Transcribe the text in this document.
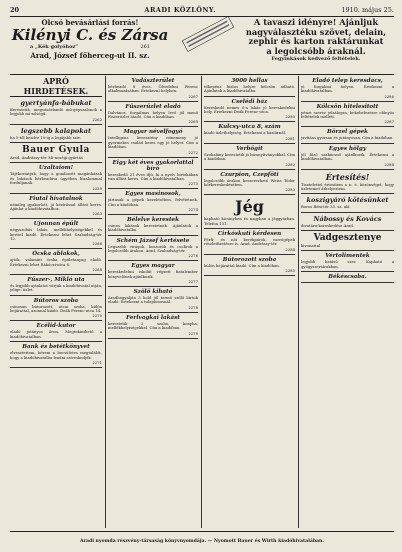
20	ARADI KÖZLÖNY.	1910. május 25.
Olcsó bevásárlási forrás!
Kilényi C. és Zársa
a „Kék golyóhoz”	261
Arad, József főherceg-ut II. sz.
A tavaszi idényre! Ajánljuk
nagyválasztéku szövet, delain,
zephir és karton raktárunkat
a legolcsóbb áraknál.
Fegyinkások kedvező feltételek.
APRÓ HIRDETÉSEK.
gyertyánfa-bábukat
Kerestetik, megvásárlandó mű-gépszalonok a legjobb mi-nőségű.
2262
legszebb kalapokat
ha 5-től kezdve 10-ig a legújabb sziv.
Bauer Gyula
Arad, Andrássy-tér. Mi-noségi gyártás
Uzaltaiom!
Tájékoztatjuk, hogy a gondozott magánházak és lakások bérbeadása ügyében bizalommal forduljanak.
2259
Fiutal hivatalnok
némileg gyakorlott, jó kézírással állást keres. Ajánlat a kiadóhivatalhoz.
2263
Ujonnan épült
négyszobás lakás, mellékhelyiségekkel és kerttel kiadó. Értekezni lehet Szabadság-tér 12.
2266
Ócska ablakok,
ajtók, valamint ócska épületanyag eladó. Értekezni lehet Rákóczi-utca 8.
2268
Fűszer-, Mikló uta
és legjobb ajánlatot várjuk a kiadóhivatal utján, jelige: üzlet.
Bútoros szoba
csinosan bútorozott, utcai szoba, külön bejárattal, azonnal kiadó. Deák Ferenc-utca 14.
2270
Ecélid-kutor
eladó jutányos áron. Megtekinthető a kiadóhivatalban.
Bank és betétkönyvet
elvesztettem, kérem a becsületes megtalálót, hogy a kiadóhivatalba leadni szíveskedjék.
2271
Vadászterület
bérbeadó 8 éves. Ölvedelmi Ferenc alkalmazásában. Értekezni helyben.
2267
Fűszerüzlet eladó
Dalvános, forgalmas helyen levő jól menő fűszerüzlet átadó. Cím a kiadóban.
2269
Magyar névelfogyó
Intelligens keresztény nőnemeny jó gyermekes család keres egy jó helyet. Cím a kiadóban.
2272
Eigy két éves gyakorlattal bíró
kereskedő 21 éves ifjú, ki a nyelv birtokában van állást keres. Cím a kiadóhivatalban.
2273
Egyes masinosok,
jártasak a gépek kezelésében, felvétetnek. Cím a kiadóban.
2274
Bélelve kerestek
csinos lakások kerestetnek. Ajánlatok a kiadóhivatalba.
Schém Jázsef kertésete
Legszebb virágok, koszorúk és csokrok a legolcsóbb árakon. Arad, Szabadság-tér.
2276
Egyes magyar
kereskedelmi iskolát végzett fiatalember könyvelőnek ajánlkozik.
2277
Szölő kiható
Aradhegyalján 3 hold jól termő szőlő birtok eladó. Értekezni a tulajdonosnál.
2278
Ferlvagkai lakást
kerestetik 2 szoba, konyha, mellékhelyiségekkel. Cím a kiadóban.
2279
3000 hellas
tőkepénz biztos helyre kölcsön adható. Ajánlatok a kiadóhivatalba.
Cselédi ház
Kereskedő nemes ő-a lakás jó kereskedelmi hely. Értekezni Deák Ferenc-utca.
2280
Kulcsy-utca 8, szám
kiadó üzlethelyiség. Értekezni a háziúrnál.
2281
Verbögit
Szobalány kerestetik jó bizonyítványokkal. Cím a kiadóban.
2282
Czurpion, Czepföti
legolcsóbb árakon beszerezhető Weiss Tódor bőrkereskedésében.
2283
Jég
kapható kicsinyben és nagyban a jéggyárban. Telefon 131.
Cirkóskuti kérdesen
Férfi- és női kerékpárok, varrógépek részletfizetésre is. Arad, Andrássy-tér.
2284
Bútorozott szoba
külön bejárattal kiadó. Cím a kiadóban.
2285
Eladó telep keresdacs,
jó forgalmú helyen. Értekezni a kiadóhivatalban.
2286
Kölcsön hitelesitott
pénzt szerez jelzálogra, bekebelezésre előnyös feltételek mellett.
2287
Börzel gépek
javítása gyorsan és jutányosan. Cím a kiadóban.
Egyes hölgy
jól főző szakácsnő ajánlkozik. Értekezni a kiadóhivatalban.
2288
Értesítés!
Tisztelettel értesítem a n. é. közönséget, hogy üzletemet áthelyeztem.
koszigyáró kötésünket
Boros Béni-tér 33. sz. alá
Nábossy és Kovács
divatáru-kereskedése Arad.
Vadgesztenye
kivonattal
Vértolimentek
legjobb hatású szer. Kapható a gyógyszertárakban.
Békéscsaba.
Aradi nyomda részvény-társaság könyvnyomdája. — Nyomott Bauer és Wirth kiadóhivatalában.
